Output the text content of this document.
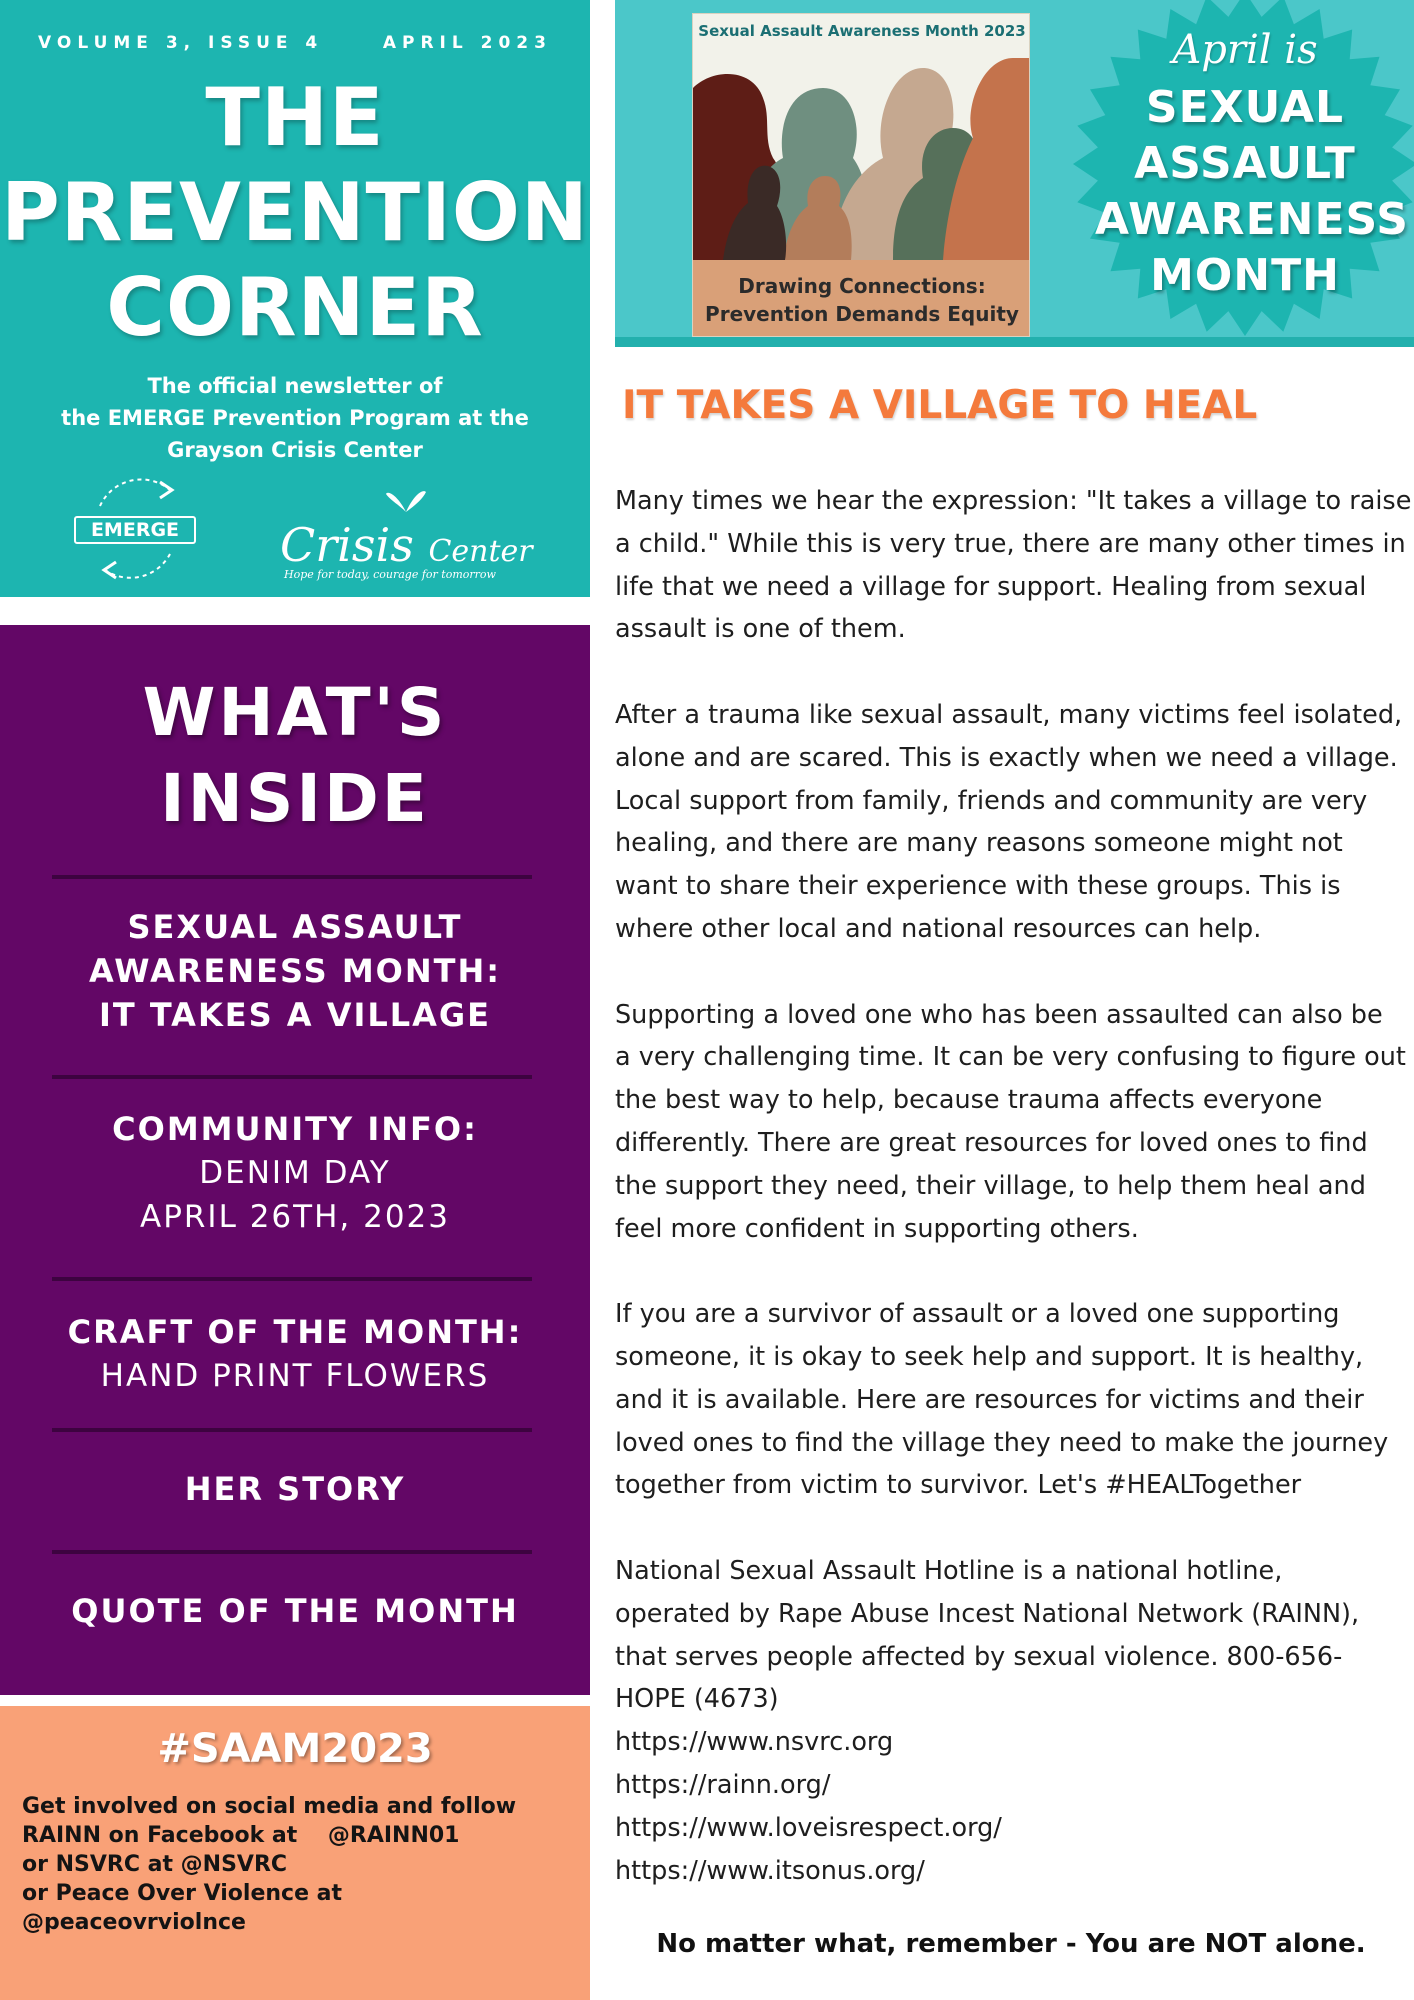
VOLUME 3, ISSUE 4     APRIL 2023
THE
PREVENTION
CORNER
The official newsletter of
the EMERGE Prevention Program at the
Grayson Crisis Center
EMERGE	Crisis Center
Hope for today, courage for tomorrow
WHAT'S
INSIDE
SEXUAL ASSAULT
AWARENESS MONTH:
IT TAKES A VILLAGE
COMMUNITY INFO:
DENIM DAY
APRIL 26TH, 2023
CRAFT OF THE MONTH:
HAND PRINT FLOWERS
HER STORY
QUOTE OF THE MONTH
#SAAM2023
Get involved on social media and follow
RAINN on Facebook at    @RAINN01
or NSVRC at @NSVRC
or Peace Over Violence at
@peaceovrviolnce
Sexual Assault Awareness Month 2023
Drawing Connections:
Prevention Demands Equity
April is
SEXUAL
ASSAULT
AWARENESS
MONTH
IT TAKES A VILLAGE TO HEAL
Many times we hear the expression: "It takes a village to raise
a child." While this is very true, there are many other times in
life that we need a village for support. Healing from sexual
assault is one of them.
After a trauma like sexual assault, many victims feel isolated,
alone and are scared. This is exactly when we need a village.
Local support from family, friends and community are very
healing, and there are many reasons someone might not
want to share their experience with these groups. This is
where other local and national resources can help.
Supporting a loved one who has been assaulted can also be
a very challenging time. It can be very confusing to figure out
the best way to help, because trauma affects everyone
differently. There are great resources for loved ones to find
the support they need, their village, to help them heal and
feel more confident in supporting others.
If you are a survivor of assault or a loved one supporting
someone, it is okay to seek help and support. It is healthy,
and it is available. Here are resources for victims and their
loved ones to find the village they need to make the journey
together from victim to survivor. Let's #HEALTogether
National Sexual Assault Hotline is a national hotline,
operated by Rape Abuse Incest National Network (RAINN),
that serves people affected by sexual violence. 800-656-
HOPE (4673)
https://www.nsvrc.org
https://rainn.org/
https://www.loveisrespect.org/
https://www.itsonus.org/
No matter what, remember - You are NOT alone.
